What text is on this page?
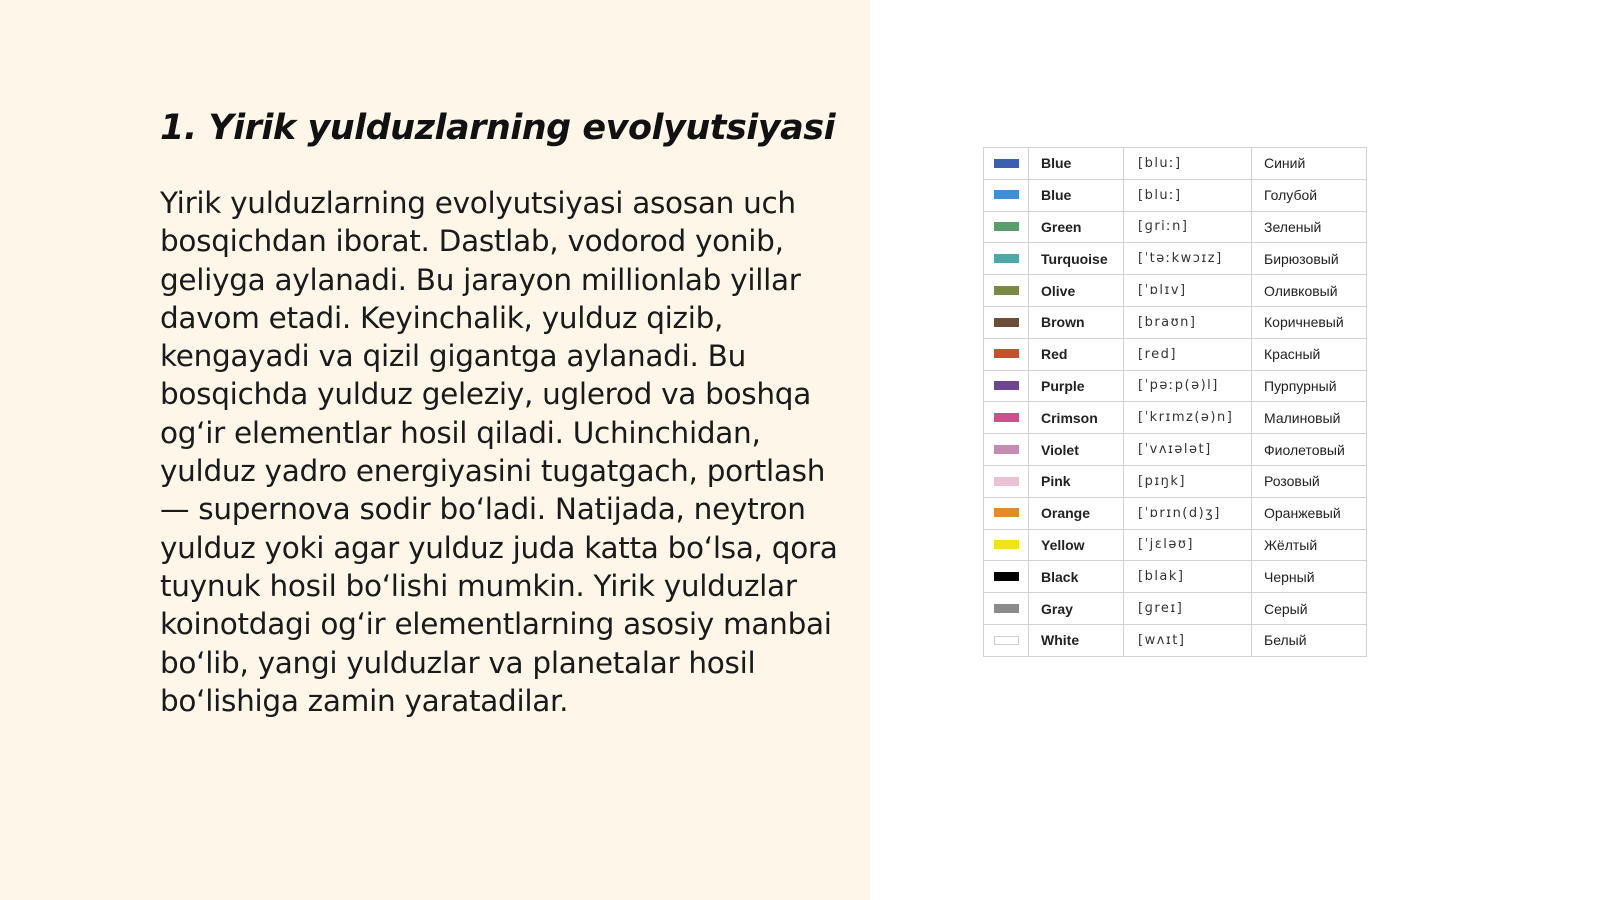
1. Yirik yulduzlarning evolyutsiyasi

Yirik yulduzlarning evolyutsiyasi asosan uch bosqichdan iborat. Dastlab, vodorod yonib, geliyga aylanadi. Bu jarayon millionlab yillar davom etadi. Keyinchalik, yulduz qizib, kengayadi va qizil gigantga aylanadi. Bu bosqichda yulduz geleziy, uglerod va boshqa og‘ir elementlar hosil qiladi. Uchinchidan, yulduz yadro energiyasini tugatgach, portlash — supernova sodir bo‘ladi. Natijada, neytron yulduz yoki agar yulduz juda katta bo‘lsa, qora tuynuk hosil bo‘lishi mumkin. Yirik yulduzlar koinotdagi og‘ir elementlarning asosiy manbai bo‘lib, yangi yulduzlar va planetalar hosil bo‘lishiga zamin yaratadilar.

	Blue	[bluː]	Синий
	Blue	[bluː]	Голубой
	Green	[ɡriːn]	Зеленый
	Turquoise	[ˈtəːkwɔɪz]	Бирюзовый
	Olive	[ˈɒlɪv]	Оливковый
	Brown	[braʊn]	Коричневый
	Red	[red]	Красный
	Purple	[ˈpəːp(ə)l]	Пурпурный
	Crimson	[ˈkrɪmz(ə)n]	Малиновый
	Violet	[ˈvʌɪələt]	Фиолетовый
	Pink	[pɪŋk]	Розовый
	Orange	[ˈɒrɪn(d)ʒ]	Оранжевый
	Yellow	[ˈjɛləʊ]	Жёлтый
	Black	[blak]	Черный
	Gray	[ɡreɪ]	Серый
	White	[wʌɪt]	Белый
